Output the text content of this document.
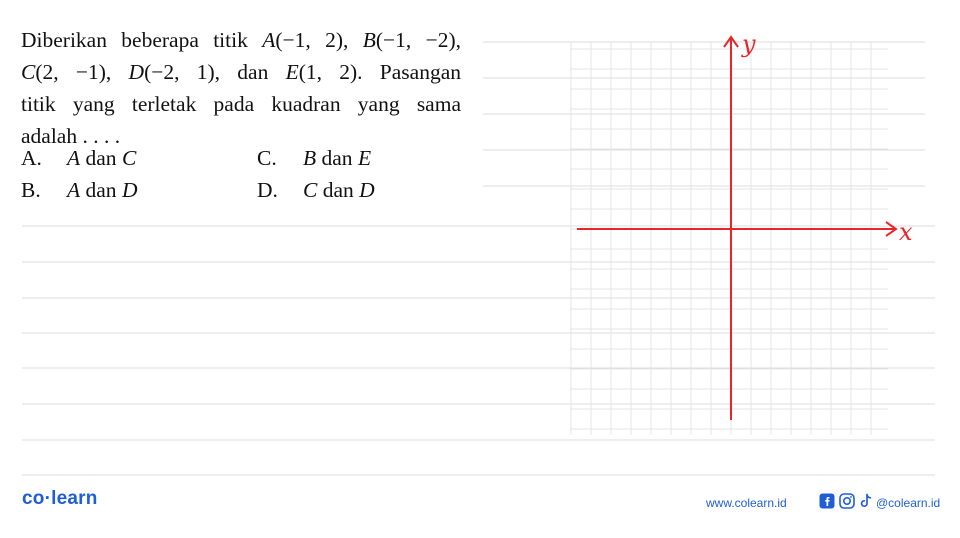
x
y
Diberikan beberapa titik A(−1, 2), B(−1, −2),
C(2, −1), D(−2, 1), dan E(1, 2). Pasangan
titik yang terletak pada kuadran yang sama
adalah . . . .
A. A dan C
B. A dan D
C. B dan E
D. C dan D
co·learn	www.colearn.id	@colearn.id
